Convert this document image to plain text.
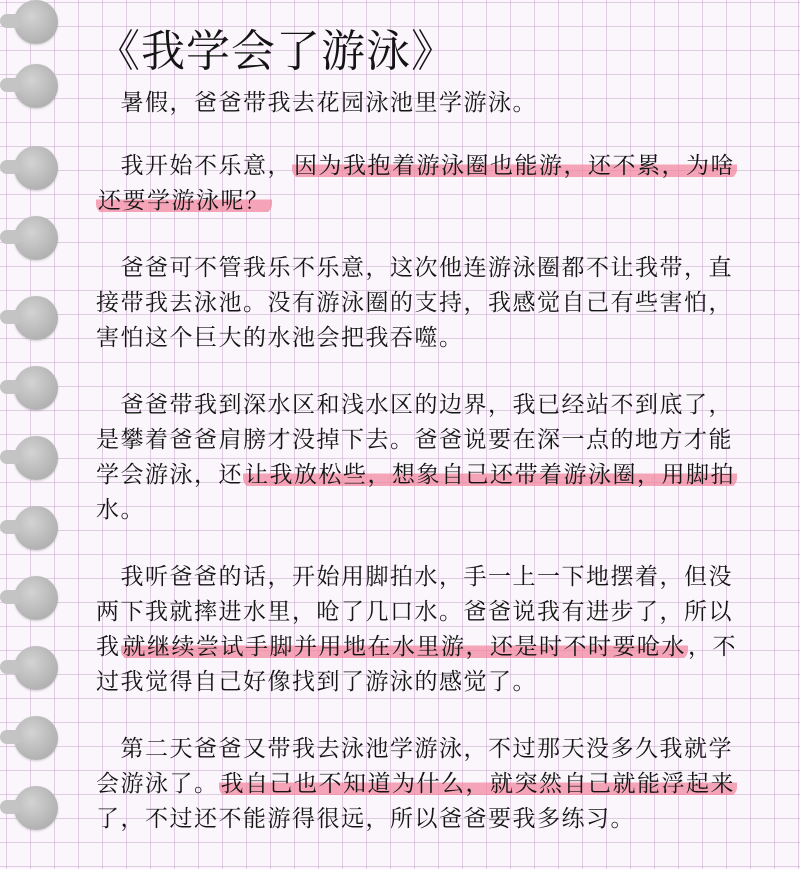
《我学会了游泳》

　暑假，爸爸带我去花园泳池里学游泳。

　我开始不乐意，因为我抱着游泳圈也能游，还不累，为啥
还要学游泳呢？

　爸爸可不管我乐不乐意，这次他连游泳圈都不让我带，直
接带我去泳池。没有游泳圈的支持，我感觉自己有些害怕，
害怕这个巨大的水池会把我吞噬。

　爸爸带我到深水区和浅水区的边界，我已经站不到底了，
是攀着爸爸肩膀才没掉下去。爸爸说要在深一点的地方才能
学会游泳，还让我放松些，想象自己还带着游泳圈，用脚拍
水。

　我听爸爸的话，开始用脚拍水，手一上一下地摆着，但没
两下我就摔进水里，呛了几口水。爸爸说我有进步了，所以
我就继续尝试手脚并用地在水里游，还是时不时要呛水，不
过我觉得自己好像找到了游泳的感觉了。

　第二天爸爸又带我去泳池学游泳，不过那天没多久我就学
会游泳了。我自己也不知道为什么，就突然自己就能浮起来
了，不过还不能游得很远，所以爸爸要我多练习。
